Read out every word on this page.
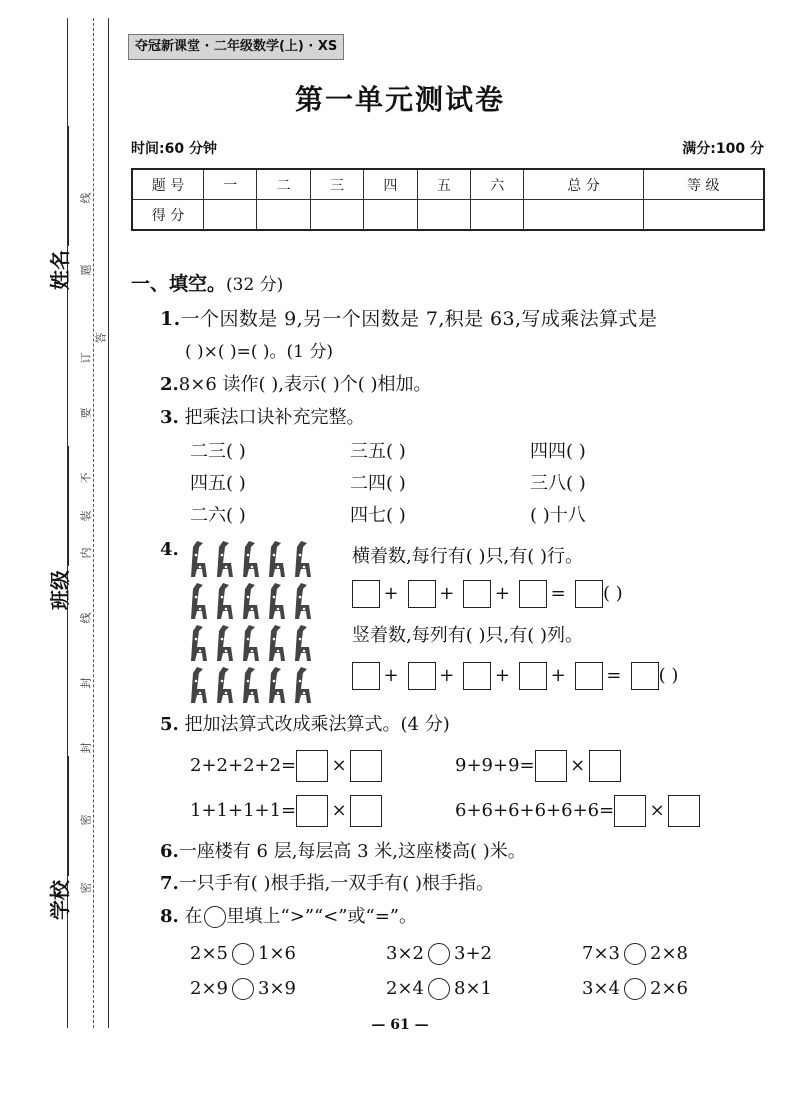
姓名
班级
学校
线
题
订
答
要
不
装
内
线
封
封
密
密
夺冠新课堂 · 二年级数学(上) · XS
第一单元测试卷
时间:60 分钟	满分:100 分
题 号	一	二	三	四	五	六	总 分	等 级
得 分								
一、填空。(32 分)
1.一个因数是 9,另一个因数是 7,积是 63,写成乘法算式是
( )×( )=( )。(1 分)
2.8×6 读作( ),表示( )个( )相加。
3. 把乘法口诀补充完整。
二三( )	三五( )	四四( )
四五( )	二四( )	三八( )
二六( )	四七( )	( )十八
4.	横着数,每行有( )只,有( )行。
+ + + = ( )
竖着数,每列有( )只,有( )列。
+ + + + = ( )
5. 把加法算式改成乘法算式。(4 分)
2+2+2+2= ×	9+9+9= ×
1+1+1+1= ×	6+6+6+6+6+6= ×
6.一座楼有 6 层,每层高 3 米,这座楼高( )米。
7.一只手有( )根手指,一双手有( )根手指。
8. 在 里填上“>”“<”或“=”。
2×5 1×6	3×2 3+2	7×3 2×8
2×9 3×9	2×4 8×1	3×4 2×6
— 61 —
